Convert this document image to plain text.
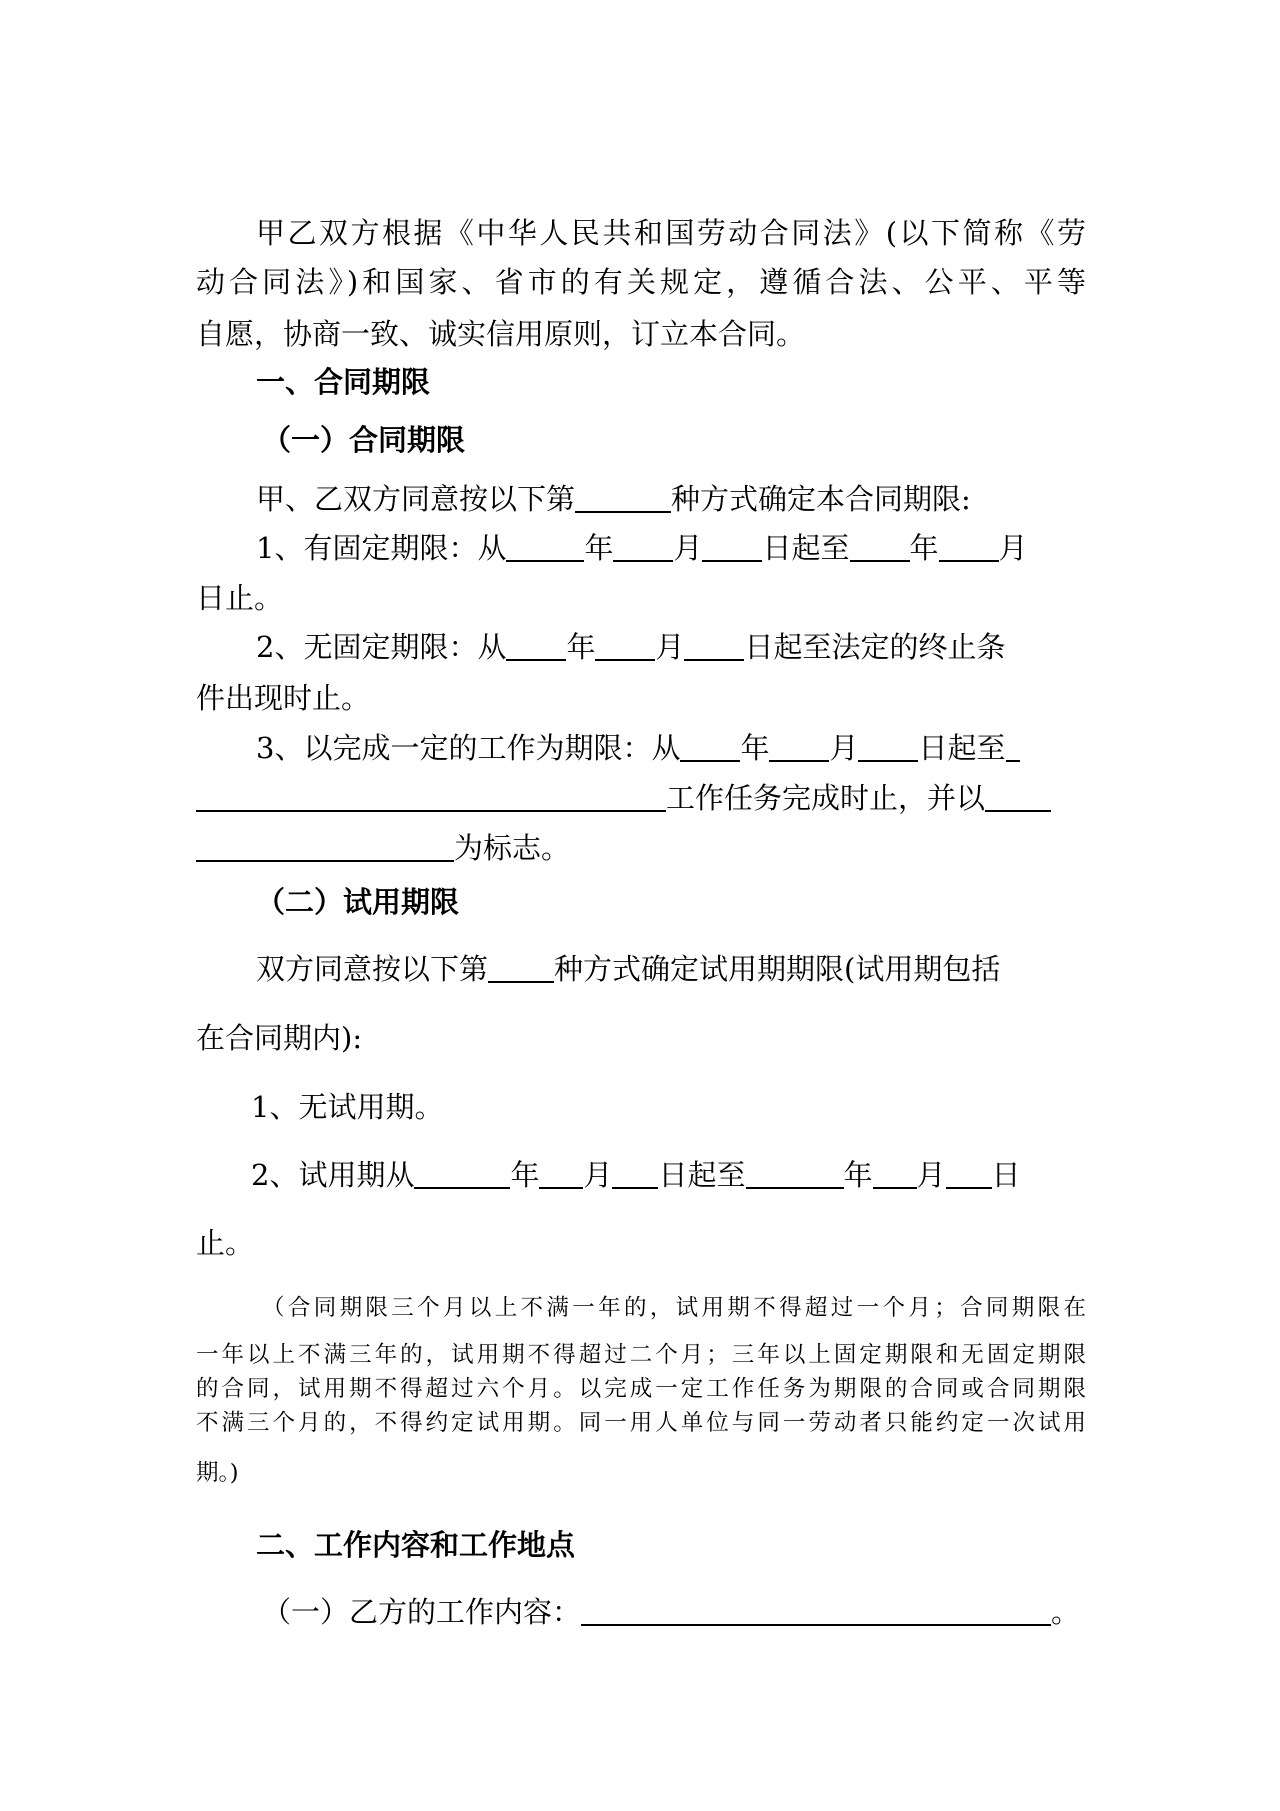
甲乙双方根据《中华人民共和国劳动合同法》(以下简称《劳
动合同法》)和国家、省市的有关规定，遵循合法、公平、平等
自愿，协商一致、诚实信用原则，订立本合同。
一、合同期限
（一）合同期限
甲、乙双方同意按以下第	种方式确定本合同期限:
1、有固定期限：从	年 月 日起至 年 月
日止。
2、无固定期限：从 年 月 日起至法定的终止条
件出现时止。
3、以完成一定的工作为期限：从 年 月 日起至
工作任务完成时止，并以
为标志。
（二）试用期限
双方同意按以下第 种方式确定试用期期限(试用期包括
在合同期内):
1、无试用期。
2、试用期从	年 月 日起至	年 月 日
止。
（合同期限三个月以上不满一年的，试用期不得超过一个月；合同期限在
一年以上不满三年的，试用期不得超过二个月；三年以上固定期限和无固定期限
的合同，试用期不得超过六个月。以完成一定工作任务为期限的合同或合同期限
不满三个月的，不得约定试用期。同一用人单位与同一劳动者只能约定一次试用
期。)
二、工作内容和工作地点
（一）乙方的工作内容：	。
